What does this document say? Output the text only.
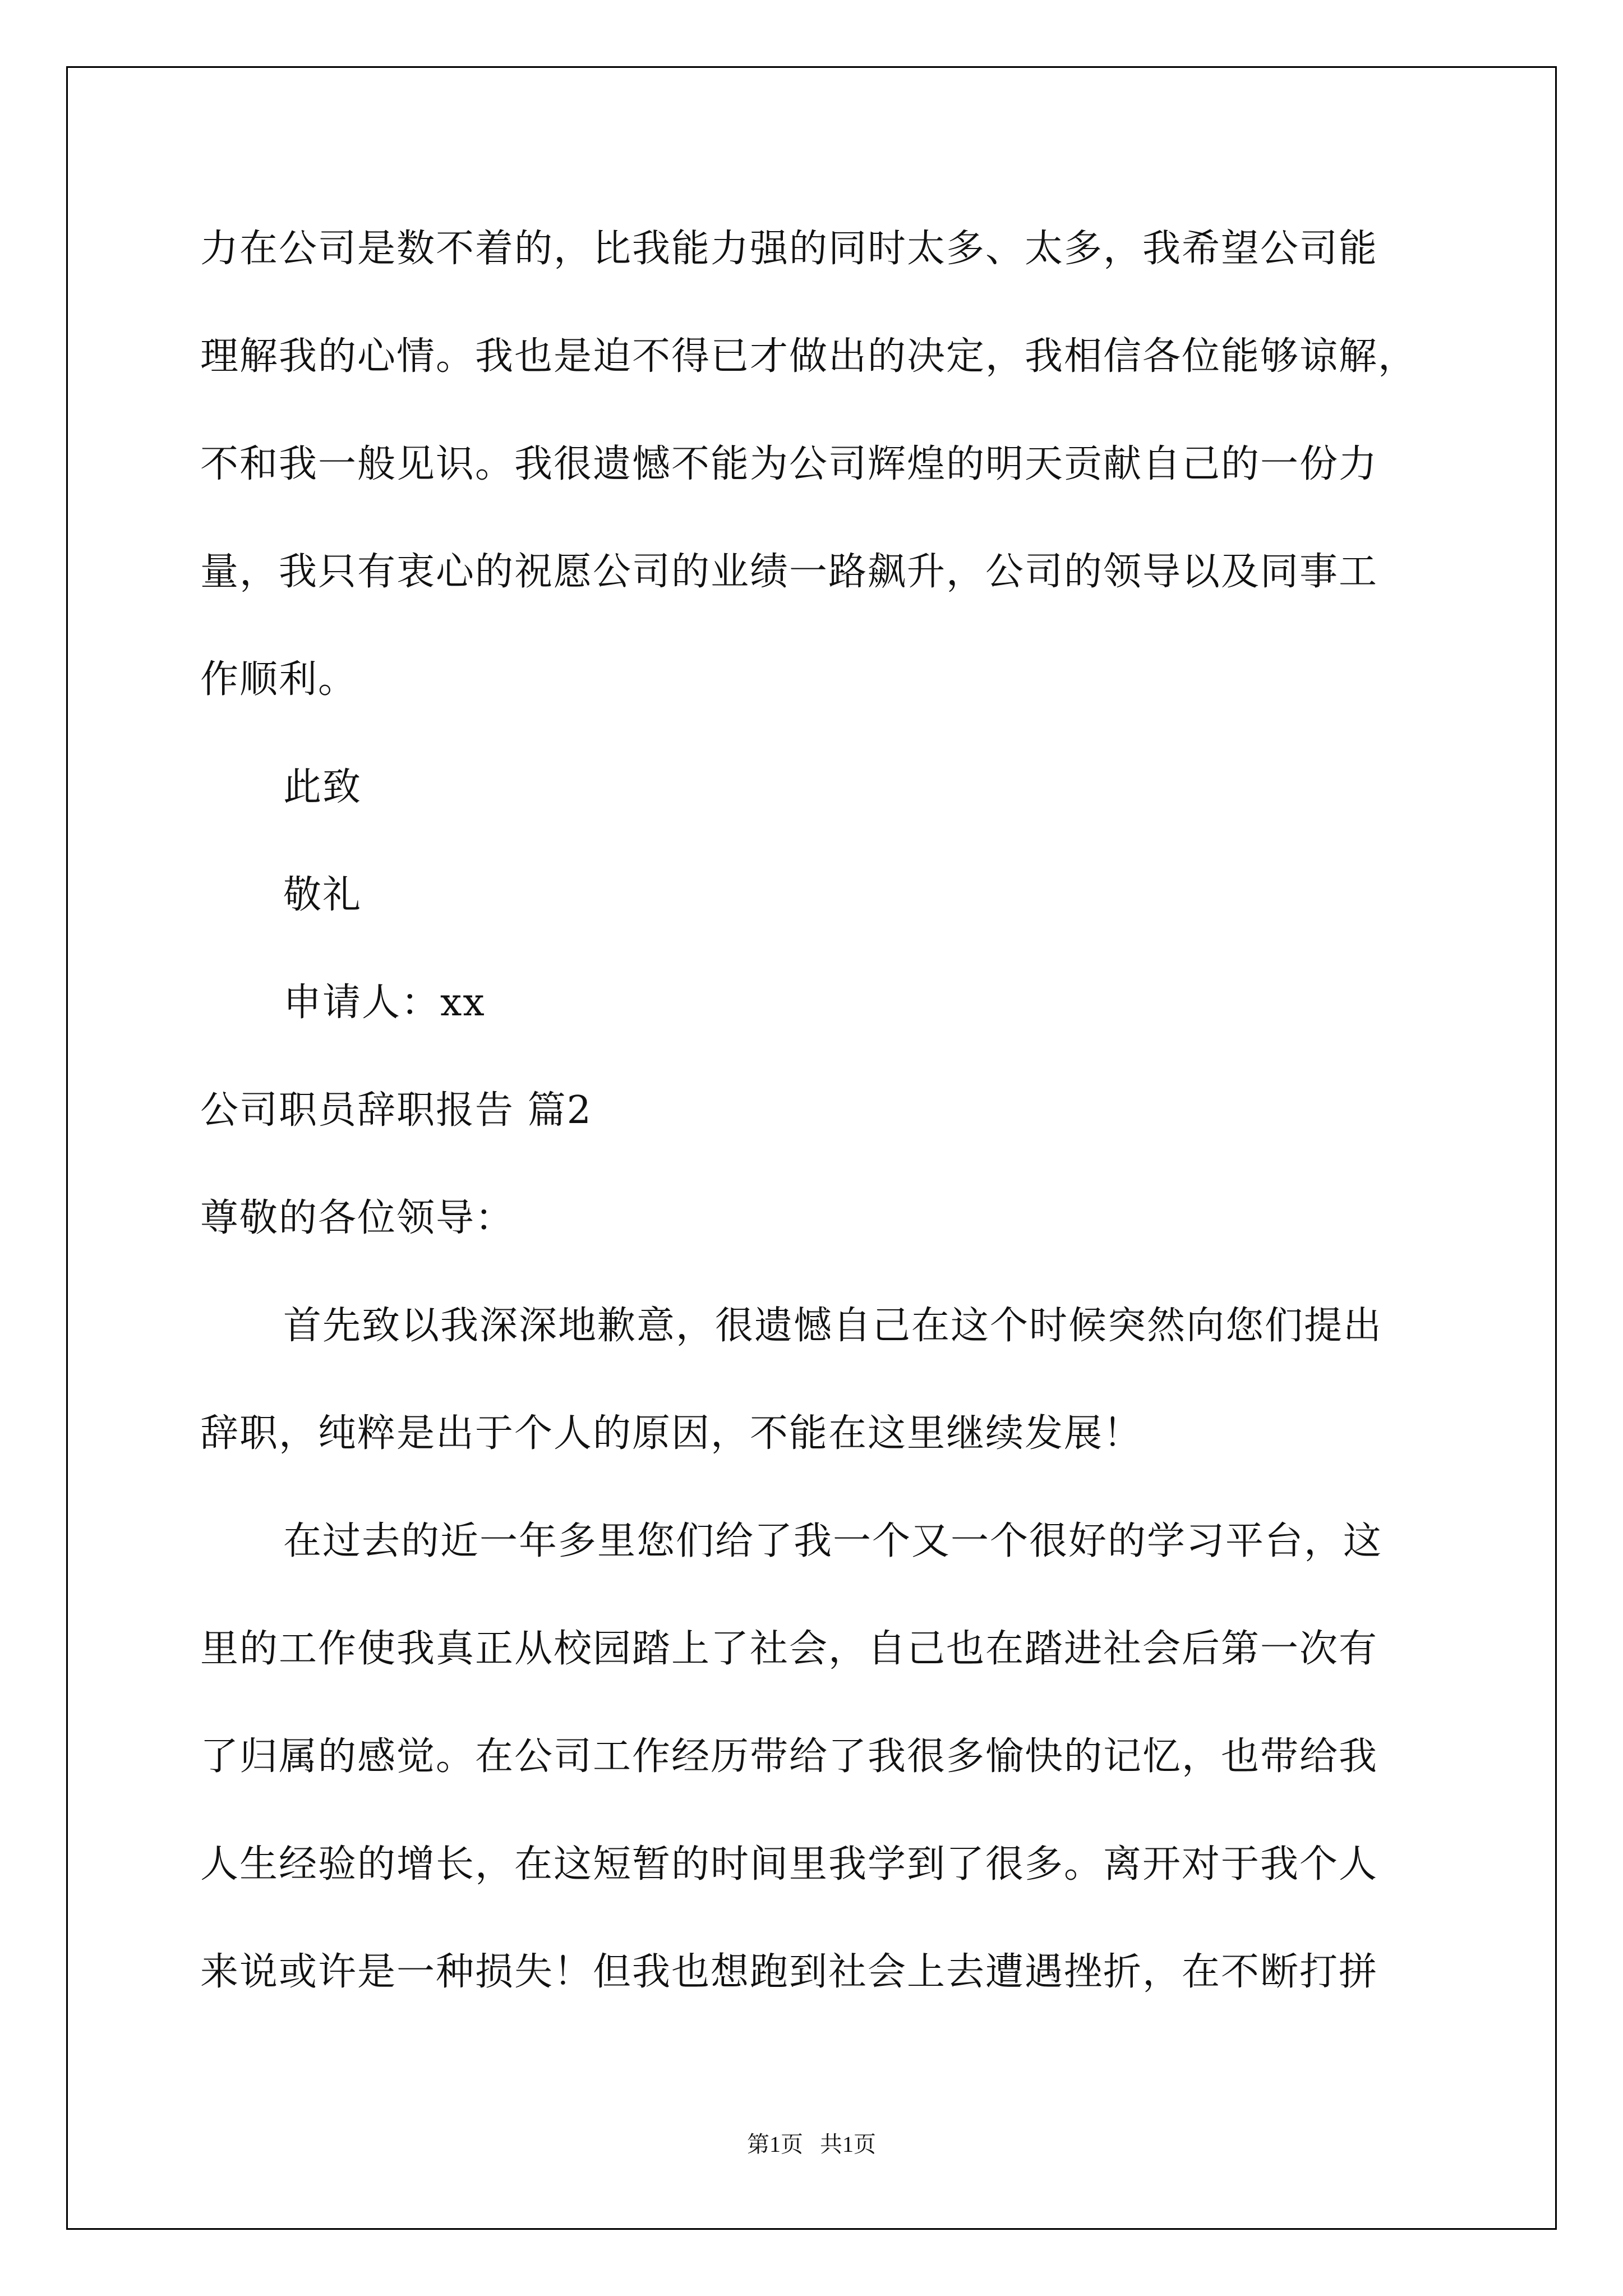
力在公司是数不着的，比我能力强的同时太多、太多，我希望公司能
理解我的心情。我也是迫不得已才做出的决定，我相信各位能够谅解，
不和我一般见识。我很遗憾不能为公司辉煌的明天贡献自己的一份力
量，我只有衷心的祝愿公司的业绩一路飙升，公司的领导以及同事工
作顺利。
此致
敬礼
申请人：xx
公司职员辞职报告 篇2
尊敬的各位领导：
首先致以我深深地歉意，很遗憾自己在这个时候突然向您们提出
辞职，纯粹是出于个人的原因，不能在这里继续发展！
在过去的近一年多里您们给了我一个又一个很好的学习平台，这
里的工作使我真正从校园踏上了社会，自己也在踏进社会后第一次有
了归属的感觉。在公司工作经历带给了我很多愉快的记忆，也带给我
人生经验的增长，在这短暂的时间里我学到了很多。离开对于我个人
来说或许是一种损失！但我也想跑到社会上去遭遇挫折，在不断打拼
第1页   共1页
